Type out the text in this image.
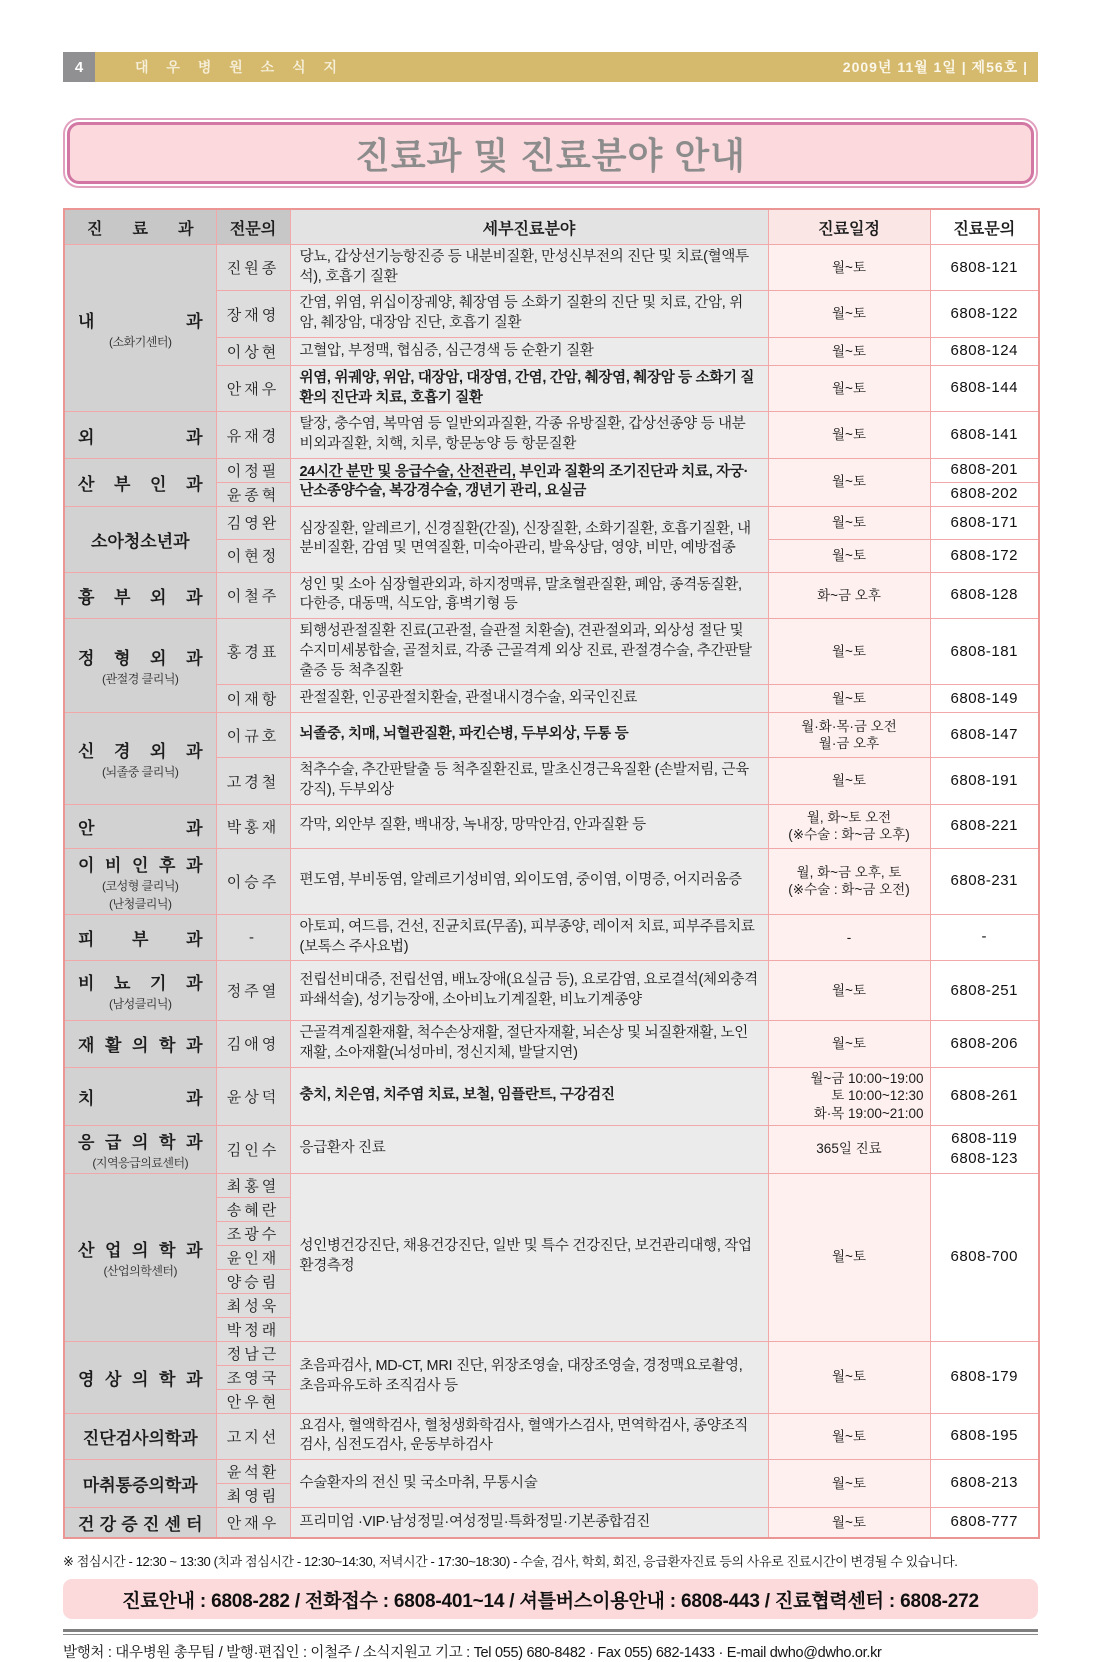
4	대 우 병 원 소 식 지	2009년 11월 1일 | 제56호 |
진료과 및 진료분야 안내
진 료 과	전문의	세부진료분야	진료일정	진료문의

내 과
(소화기센터)	진원종	당뇨, 갑상선기능항진증 등 내분비질환, 만성신부전의 진단 및 치료(혈액투석), 호흡기 질환	월~토	6808-121
	장재영	간염, 위염, 위십이장궤양, 췌장염 등 소화기 질환의 진단 및 치료, 간암, 위암, 췌장암, 대장암 진단, 호흡기 질환	월~토	6808-122
	이상현	고혈압, 부정맥, 협심증, 심근경색 등 순환기 질환	월~토	6808-124
	안재우	위염, 위궤양, 위암, 대장암, 대장염, 간염, 간암, 췌장염, 췌장암 등 소화기 질환의 진단과 치료, 호흡기 질환	월~토	6808-144

외 과	유재경	탈장, 충수염, 복막염 등 일반외과질환, 각종 유방질환, 갑상선종양 등 내분비외과질환, 치핵, 치루, 항문농양 등 항문질환	월~토	6808-141

산 부 인 과	이정필	24시간 분만 및 응급수술, 산전관리, 부인과 질환의 조기진단과 치료, 자궁·난소종양수술, 복강경수술, 갱년기 관리, 요실금	월~토	6808-201
	윤종혁			6808-202

소아청소년과	김영완	심장질환, 알레르기, 신경질환(간질), 신장질환, 소화기질환, 호흡기질환, 내분비질환, 감염 및 면역질환, 미숙아관리, 발육상담, 영양, 비만, 예방접종	월~토	6808-171
	이현정		월~토	6808-172

흉 부 외 과	이철주	성인 및 소아 심장혈관외과, 하지정맥류, 말초혈관질환, 폐암, 종격동질환, 다한증, 대동맥, 식도암, 흉벽기형 등	화~금 오후	6808-128

정 형 외 과
(관절경 클리닉)	홍경표	퇴행성관절질환 진료(고관절, 슬관절 치환술), 견관절외과, 외상성 절단 및 수지미세봉합술, 골절치료, 각종 근골격계 외상 진료, 관절경수술, 추간판탈출증 등 척추질환	월~토	6808-181
	이재항	관절질환, 인공관절치환술, 관절내시경수술, 외국인진료	월~토	6808-149

신 경 외 과
(뇌졸중 클리닉)
	이규호	뇌졸중, 치매, 뇌혈관질환, 파킨슨병, 두부외상, 두통 등	월·화·목·금 오전
월·금 오후	6808-147
	고경철	척추수술, 추간판탈출 등 척추질환진료, 말초신경근육질환 (손발저림, 근육강직), 두부외상	월~토	6808-191

안 과	박홍재	각막, 외안부 질환, 백내장, 녹내장, 망막안검, 안과질환 등	월, 화~토 오전
(※수술 : 화~금 오후)	6808-221

이 비 인 후 과
(코성형 클리닉)
(난청클리닉)
	이승주	편도염, 부비동염, 알레르기성비염, 외이도염, 중이염, 이명증, 어지러움증	월, 화~금 오후, 토
(※수술 : 화~금 오전)	6808-231

피 부 과	-	아토피, 여드름, 건선, 진균치료(무좀), 피부종양, 레이저 치료, 피부주름치료(보톡스 주사요법)	-	-

비 뇨 기 과
(남성클리닉)	정주열	전립선비대증, 전립선염, 배뇨장애(요실금 등), 요로감염, 요로결석(체외충격파쇄석술), 성기능장애, 소아비뇨기계질환, 비뇨기계종양	월~토	6808-251

재 활 의 학 과	김애영	근골격계질환재활, 척수손상재활, 절단자재활, 뇌손상 및 뇌질환재활, 노인재활, 소아재활(뇌성마비, 정신지체, 발달지연)	월~토	6808-206

치 과	윤상덕	충치, 치은염, 치주염 치료, 보철, 임플란트, 구강검진	월~금 10:00~19:00
토 10:00~12:30
화·목 19:00~21:00	6808-261

응 급 의 학 과
(지역응급의료센터)
	김인수	응급환자 진료	365일 진료	6808-119
6808-123

산 업 의 학 과
(산업의학센터)	최홍열	성인병건강진단, 채용건강진단, 일반 및 특수 건강진단, 보건관리대행, 작업환경측정	월~토	6808-700
	송혜란			
	조광수			
	윤인재			
	양승림			
	최성욱			
	박정래			

영 상 의 학 과	정남근	초음파검사, MD-CT, MRI 진단, 위장조영술, 대장조영술, 경정맥요로촬영, 초음파유도하 조직검사 등	월~토	6808-179
	조영국			
	안우현			

진단검사의학과	고지선	요검사, 혈액학검사, 혈청생화학검사, 혈액가스검사, 면역학검사, 종양조직검사, 심전도검사, 운동부하검사	월~토	6808-195

마취통증의학과	윤석환	수술환자의 전신 및 국소마취, 무통시술	월~토	6808-213
	최영림			

건 강 증 진 센 터	안재우	프리미엄 ·VIP·남성정밀·여성정밀·특화정밀·기본종합검진	월~토	6808-777
※ 점심시간 - 12:30 ~ 13:30 (치과 점심시간 - 12:30~14:30, 저녁시간 - 17:30~18:30) - 수술, 검사, 학회, 회진, 응급환자진료 등의 사유로 진료시간이 변경될 수 있습니다.
진료안내 : 6808-282 / 전화접수 : 6808-401~14 / 셔틀버스이용안내 : 6808-443 / 진료협력센터 : 6808-272
발행처 : 대우병원 총무팀 / 발행·편집인 : 이철주 / 소식지원고 기고 : Tel 055) 680-8482 · Fax 055) 682-1433 · E-mail dwho@dwho.or.kr
